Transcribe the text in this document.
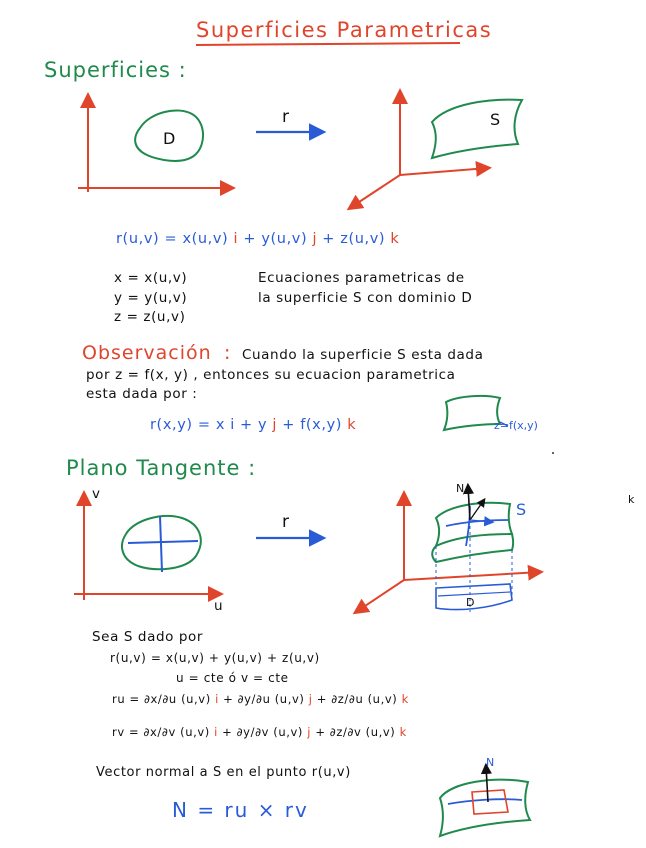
Superficies Parametricas
Superficies :
D
r	S
r(u,v) = x(u,v) i + y(u,v) j + z(u,v) k
x = x(u,v)
y = y(u,v)
z = z(u,v)
Ecuaciones parametricas de
la superficie S con dominio D
Observación : Cuando la superficie S esta dada
por z = f(x, y) , entonces su ecuacion parametrica
esta dada por :
r(x,y) = x i + y j + f(x,y) k	z=f(x,y)
Plano Tangente :
v
u
r
S
N
D
k
Sea S dado por
r(u,v) = x(u,v) + y(u,v) + z(u,v)
u = cte ó v = cte
ru = ∂x/∂u (u,v) i + ∂y/∂u (u,v) j + ∂z/∂u (u,v) k
rv = ∂x/∂v (u,v) i + ∂y/∂v (u,v) j + ∂z/∂v (u,v) k
Vector normal a S en el punto r(u,v)
N = ru × rv
N
